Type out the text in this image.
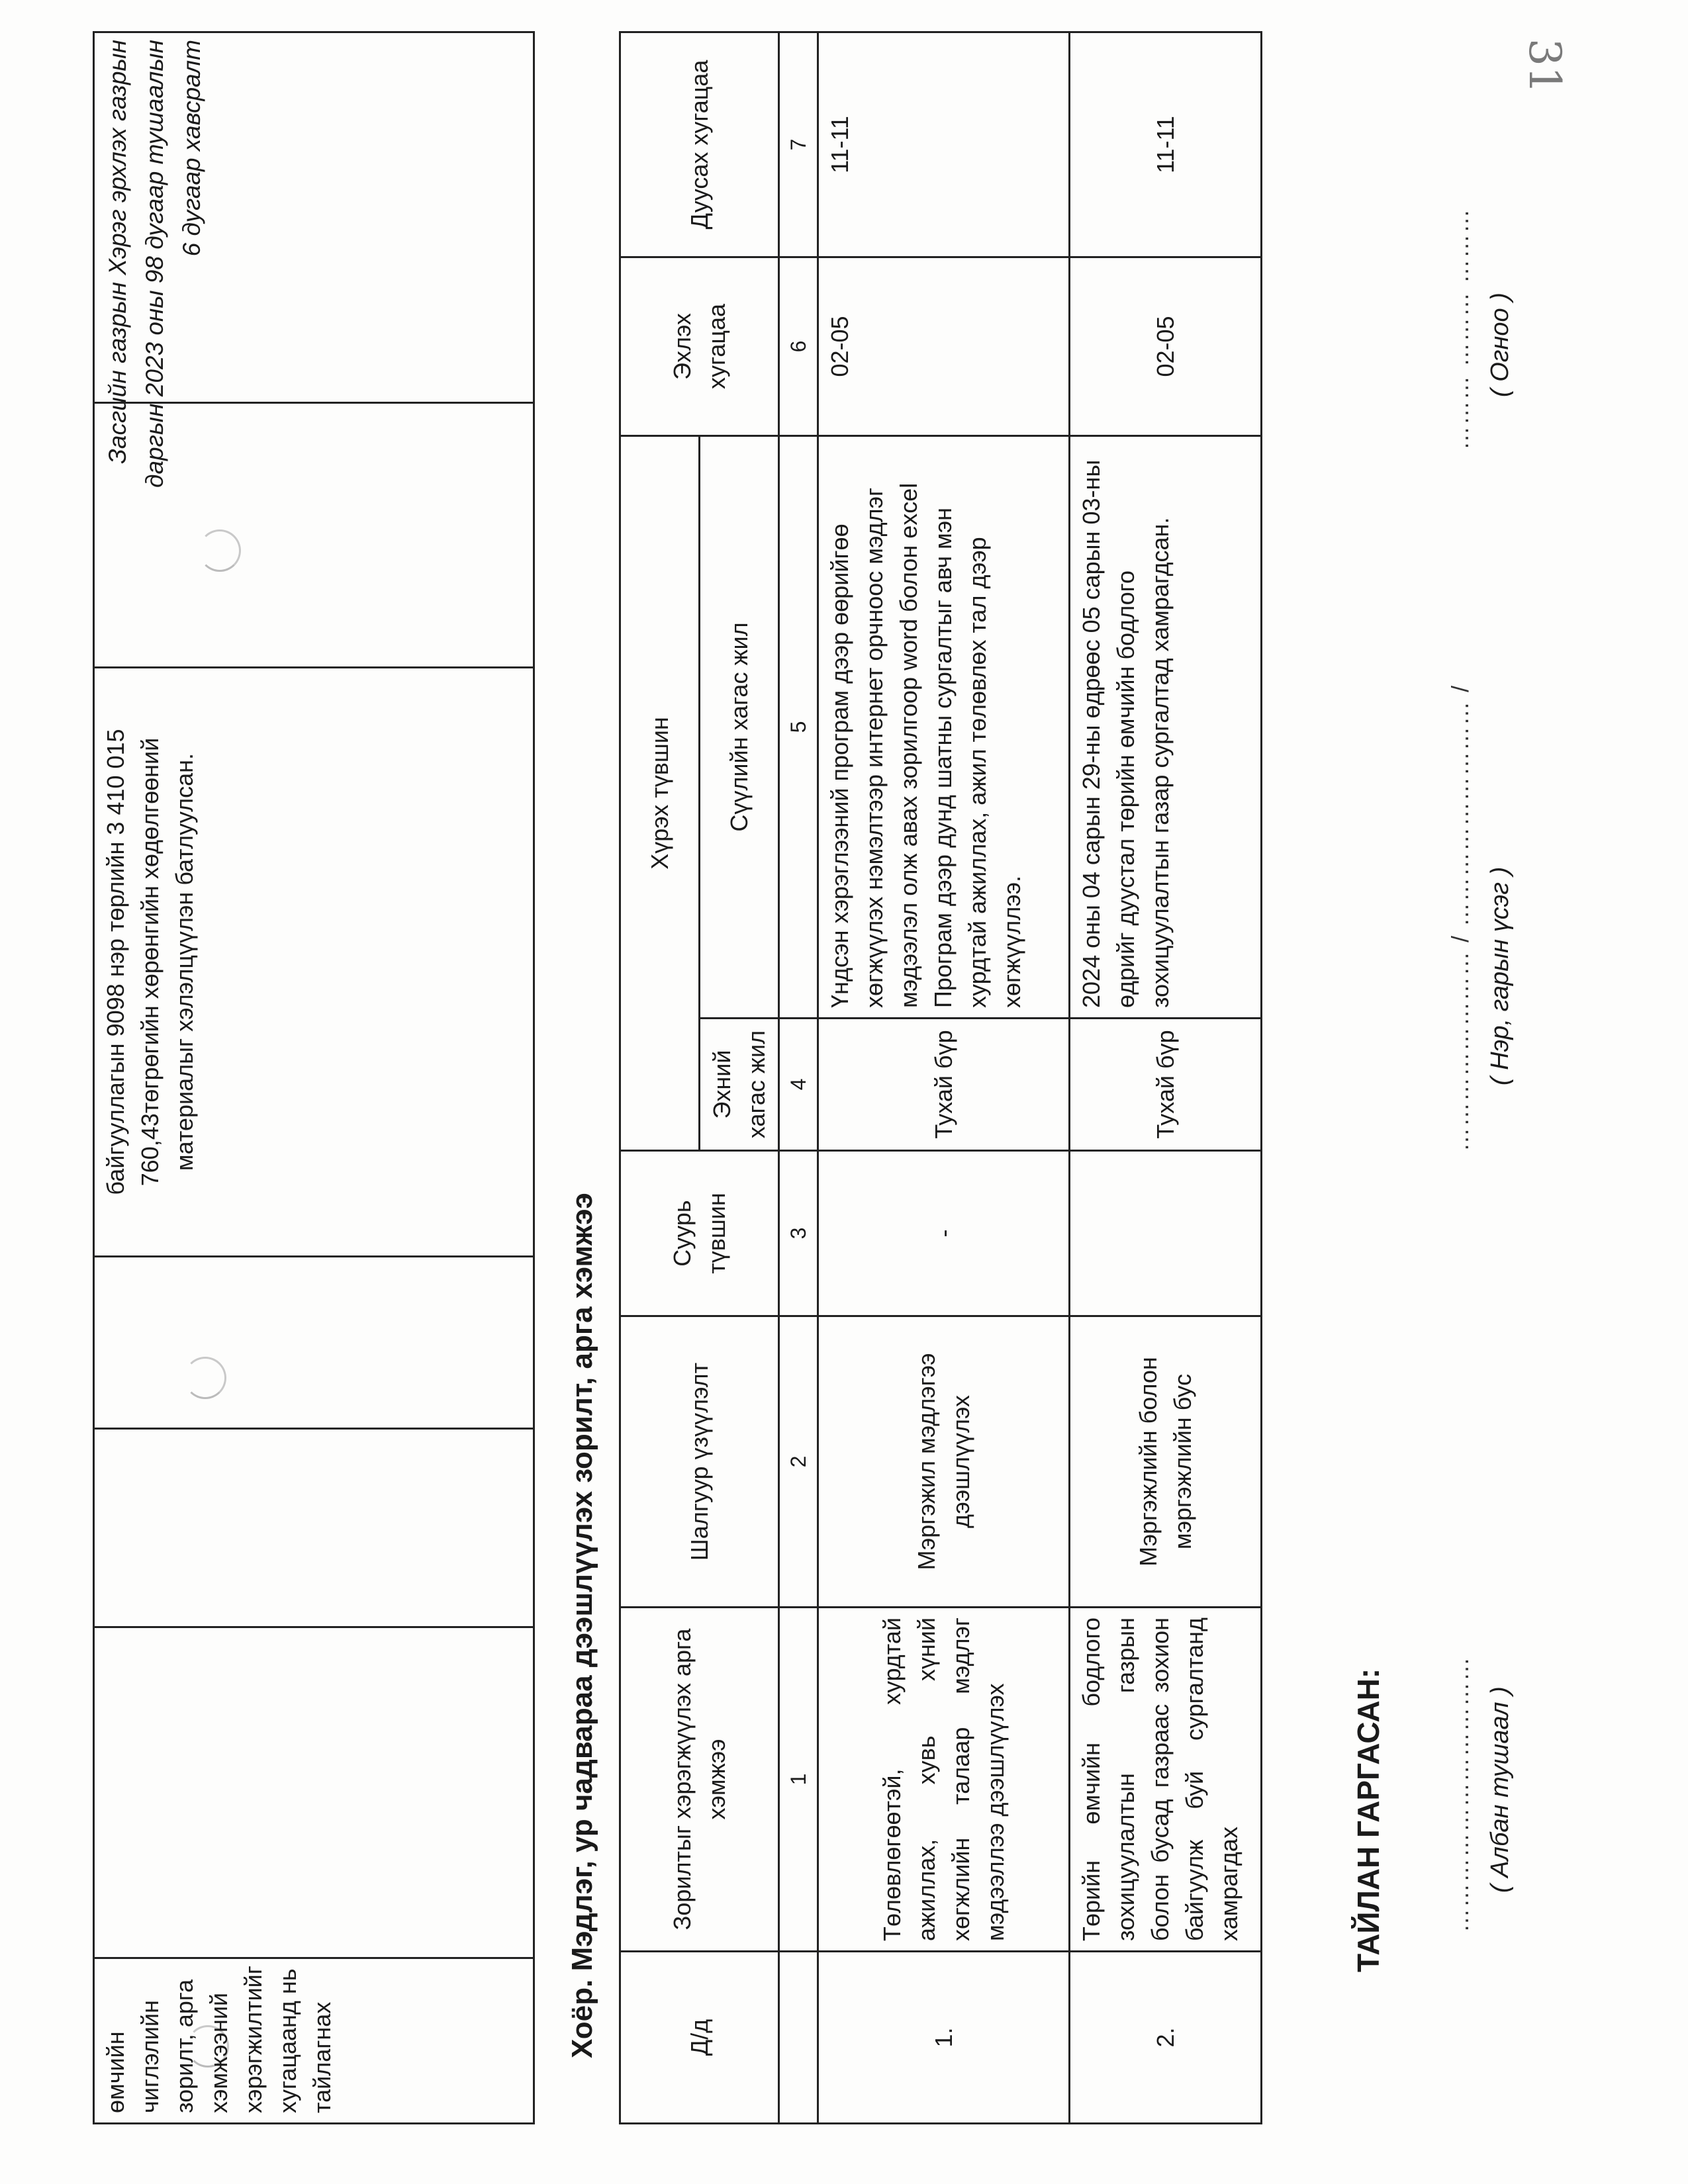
31
Засгийн газрын Хэрэг эрхлэх газрын даргын 2023 оны 98 дугаар тушаалын 6 дугаар хавсралт
өмчийн чиглэлийн зорилт, арга хэмжээний хэрэгжилтийг хугацаанд нь тайлагнах				байгууллагын 9098 нэр төрлийн 3 410 015 760,43төгрөгийн хөрөнгийн хөдөлгөөний материалыг хэлэлцүүлэн батлуулсан.		
Хоёр. Мэдлэг, ур чадвараа дээшлүүлэх зорилт, арга хэмжээ	Д/д	Зорилтыг хэрэгжүүлэх арга хэмжээ	Шалгуур үзүүлэлт	Суурь түвшин	Хүрэх түвшин		Эхлэх хугацаа	Дуусах хугацаа
				Эхний хагас жил	Сүүлийн хагас жил		
	1	2	3	4	5	6	7
1.	Төлөвлөгөөтэй, хурдтай ажиллах, хувь хүний хөгжлийн талаар мэдлэг мэдээллээ дээшлүүлэх	Мэргэжил мэдлэгээ дээшлүүлэх	-	Тухай бүр	Үндсэн хэрэглээний програм дээр өөрийгөө хөгжүүлэх нэмэлтээр интернет орчноос мэдлэг мэдээлэл олж авах зорилгоор word болон excel Програм дээр дунд шатны сургалтыг авч мэн хурдтай ажиллах, ажил төлөвлөх тал дээр хөгжүүллээ.	02-05	11-11
2.	Төрийн өмчийн бодлого зохицуулалтын газрын болон бусад газраас зохион байгуулж буй сургалтанд хамрагдах	Мэргэжлийн болон мэргэжлийн бус		Тухай бүр	2024 оны 04 сарын 29-ны өдрөөс 05 сарын 03-ны өдрийг дуустал төрийн өмчийн бодлого зохицуулалтын газар сургалтад хамрагдсан.	02-05	11-11
ТАЙЛАН ГАРГАСАН:	……………………………
…………………… / ……………………… /
……… ……… ………
( Албан тушаал )
( Нэр, гарын үсэг )
( Огноо )
